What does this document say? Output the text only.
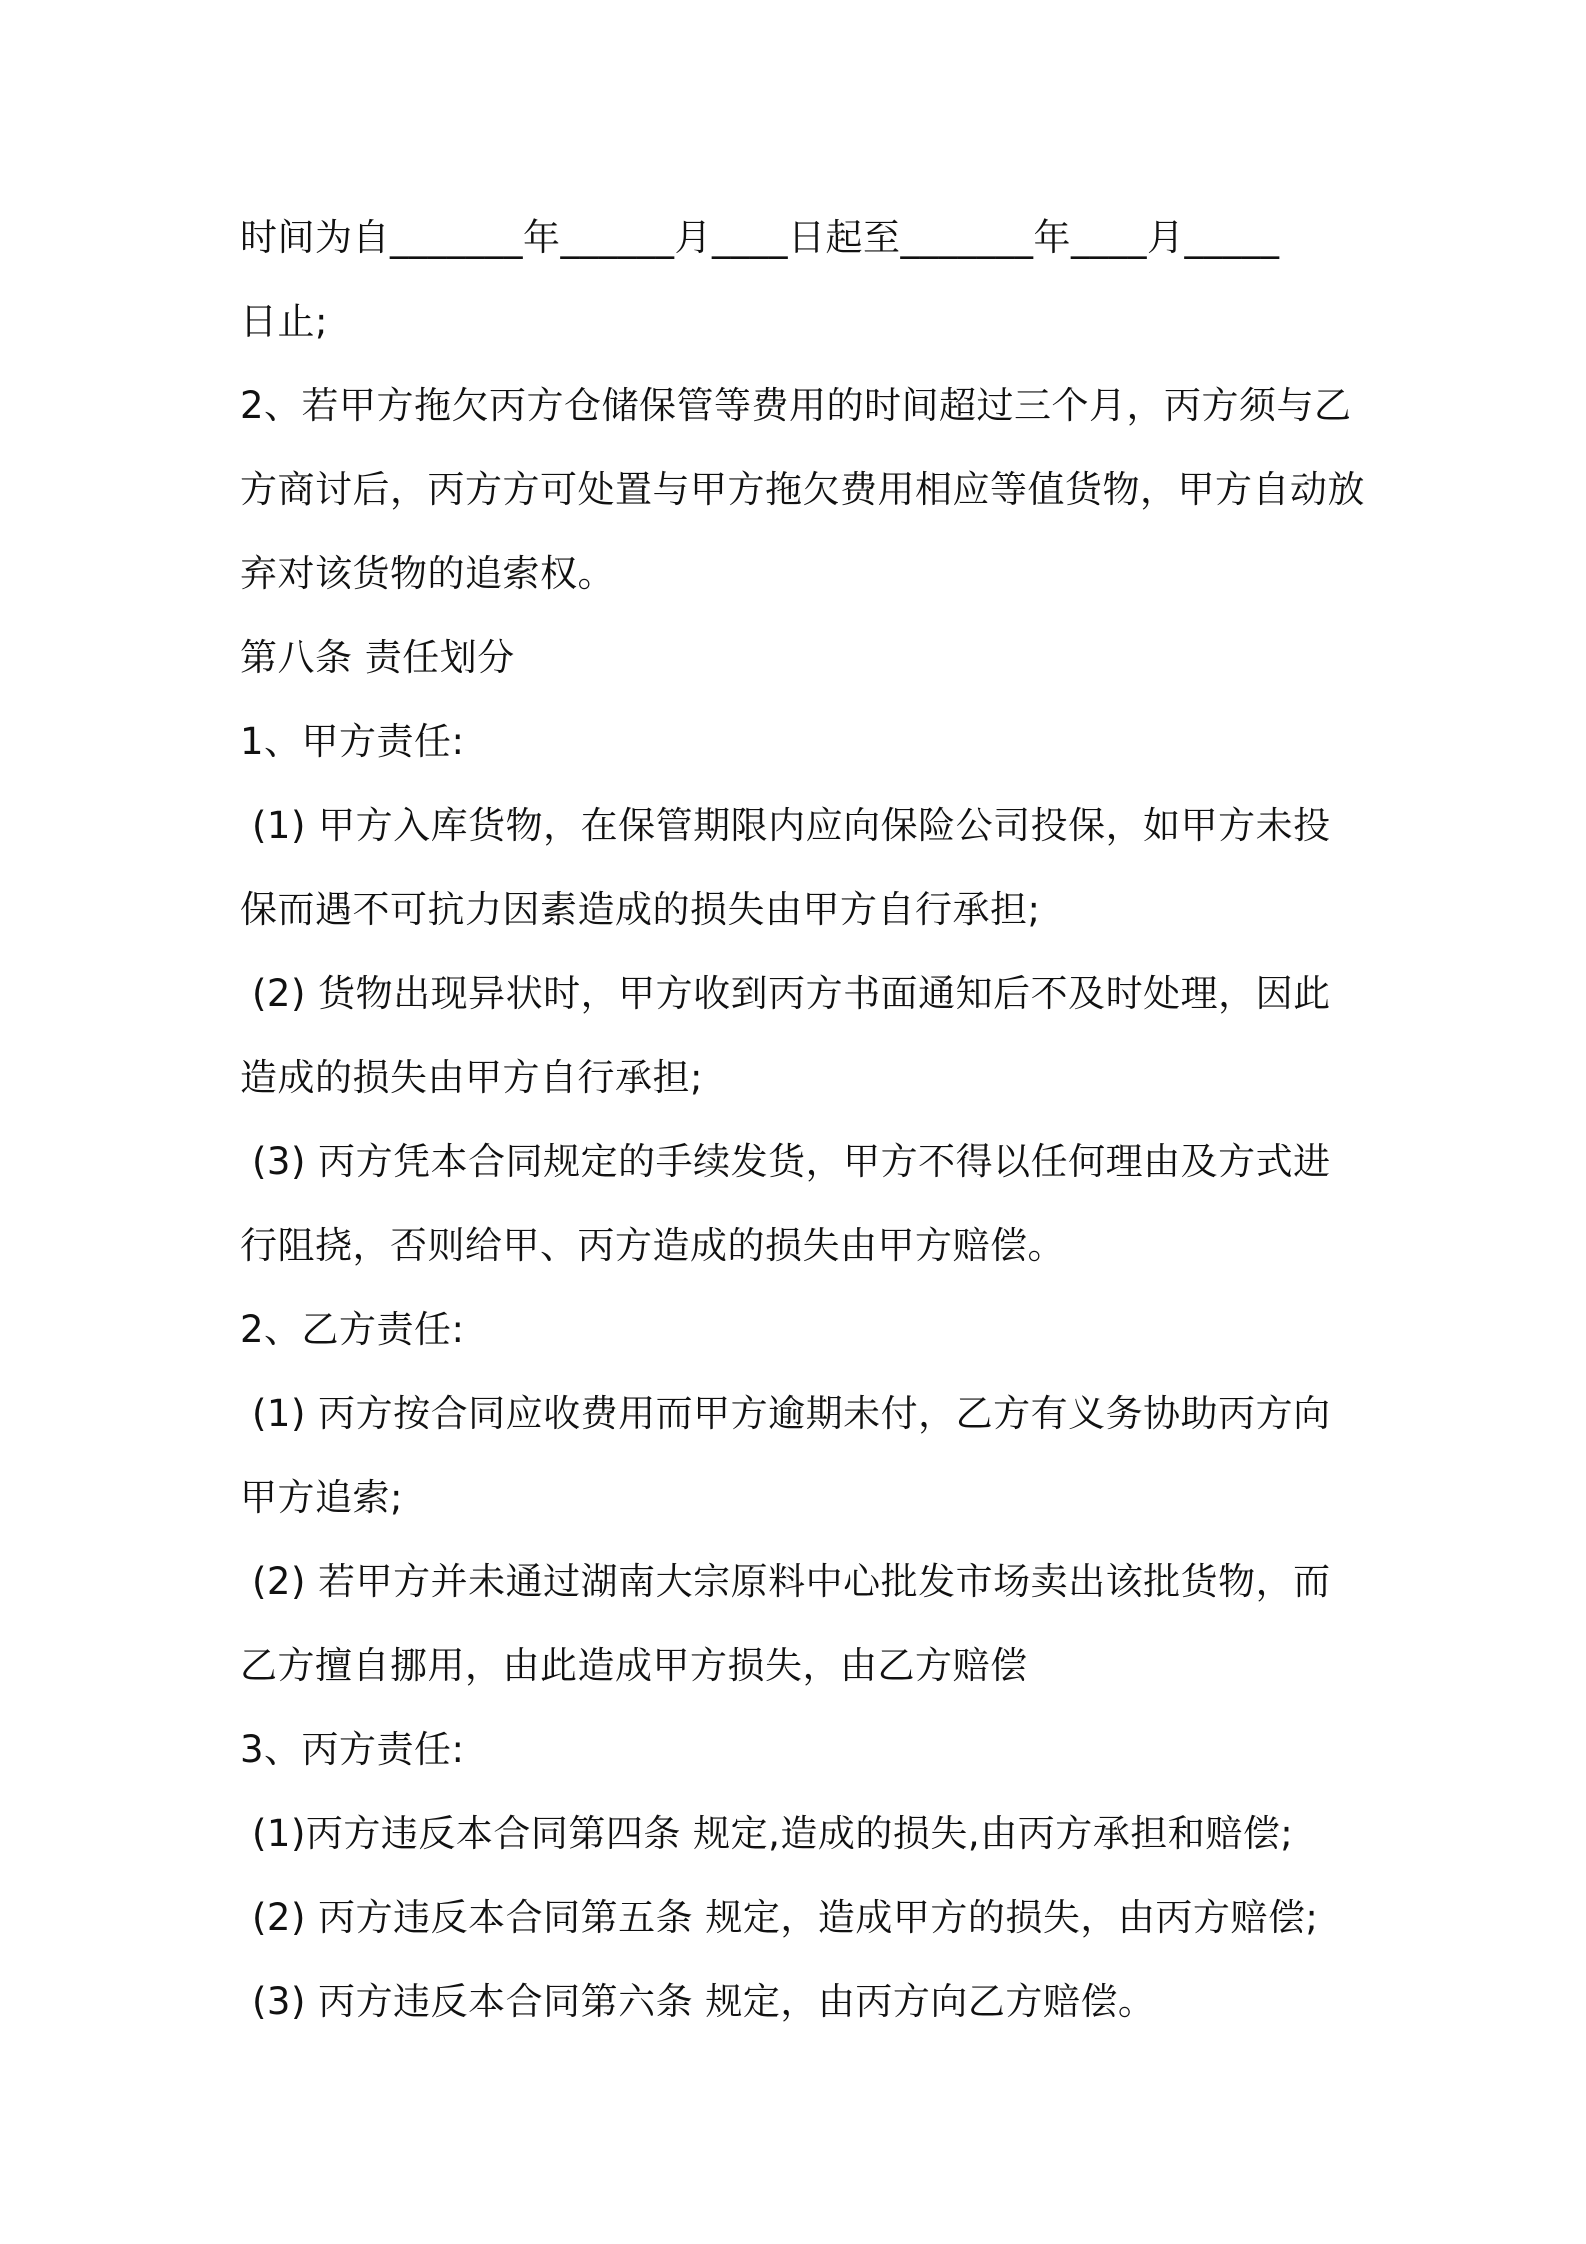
时间为自_______年______月____日起至_______年____月_____
日止;
2、若甲方拖欠丙方仓储保管等费用的时间超过三个月，丙方须与乙
方商讨后，丙方方可处置与甲方拖欠费用相应等值货物，甲方自动放
弃对该货物的追索权。
第八条 责任划分
1、甲方责任:
(1) 甲方入库货物，在保管期限内应向保险公司投保，如甲方未投
保而遇不可抗力因素造成的损失由甲方自行承担;
(2) 货物出现异状时，甲方收到丙方书面通知后不及时处理，因此
造成的损失由甲方自行承担;
(3) 丙方凭本合同规定的手续发货，甲方不得以任何理由及方式进
行阻挠，否则给甲、丙方造成的损失由甲方赔偿。
2、乙方责任:
(1) 丙方按合同应收费用而甲方逾期未付，乙方有义务协助丙方向
甲方追索;
(2) 若甲方并未通过湖南大宗原料中心批发市场卖出该批货物，而
乙方擅自挪用，由此造成甲方损失，由乙方赔偿
3、丙方责任:
(1)丙方违反本合同第四条 规定,造成的损失,由丙方承担和赔偿;
(2) 丙方违反本合同第五条 规定，造成甲方的损失，由丙方赔偿;
(3) 丙方违反本合同第六条 规定，由丙方向乙方赔偿。
